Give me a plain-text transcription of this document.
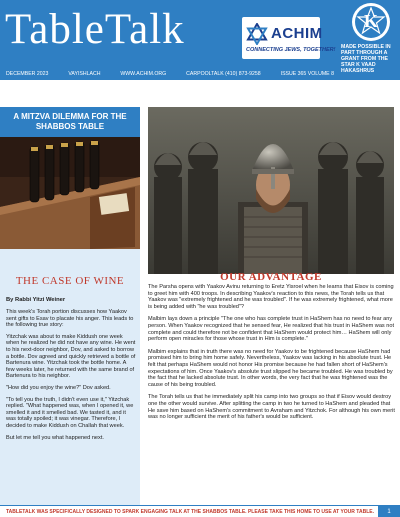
TableTalk	ACHIM
CONNECTING JEWS, TOGETHER!
K
MADE POSSIBLE IN PART THROUGH A GRANT FROM THE STAR K VAAD HAKASHRUS
DECEMBER 2023	VAYISHLACH	WWW.ACHIM.ORG	CARPOOLTALK (410) 873-9258	ISSUE 365 VOLUME 8
A MITZVA DILEMMA FOR THE SHABBOS TABLE
THE CASE OF WINE
By Rabbi Yitzi Weiner

This week's Torah portion discusses how Yaakov sent gifts to Esav to placate his anger. This leads to the following true story:

Yitzchak was about to make Kiddush one week when he realized he did not have any wine. He went to his next-door neighbor, Dov, and asked to borrow a bottle. Dov agreed and quickly retrieved a bottle of Bartenura wine. Yitzchak took the bottle home. A few weeks later, he returned with the same brand of Bartenura to his neighbor.

"How did you enjoy the wine?" Dov asked.

"To tell you the truth, I didn't even use it," Yitzchak replied. "What happened was, when I opened it, we smelled it and it smelled bad. We tasted it, and it was totally spoiled; it was vinegar. Therefore, I decided to make Kiddush on Challah that week.

But let me tell you what happened next.

OUR ADVANTAGE

The Parsha opens with Yaakov Avinu returning to Eretz Yisroel when he learns that Eisov is coming to greet him with 400 troops. In describing Yaakov's reaction to this news, the Torah tells us that Yaakov was "extremely frightened and he was troubled". If he was extremely frightened, what more is being added with "he was troubled"?

Malbim lays down a principle "The one who has complete trust in HaShem has no need to fear any person. When Yaakov recognized that he sensed fear, He realized that his trust in HaShem was not complete and could therefore not be confident that HaShem would protect him… HaShem will only perform open miracles for those whose trust in Him is complete."

Malbim explains that in truth there was no need for Yaakov to be frightened because HaShem had promised him to bring him home safely. Nevertheless, Yaakov was lacking in his absolute trust. He felt that perhaps HaShem would not honor His promise because he had fallen short of HaShem's expectations of him. Once Yaakov's absolute trust slipped he became troubled. He was troubled by the fact that he lacked absolute trust. In other words, the very fact that he was frightened was the cause of his being troubled.

The Torah tells us that he immediately split his camp into two groups so that if Eisov would destroy one the other would survive. After splitting the camp in two he turned to HaShem and pleaded that He save him based on HaShem's commitment to Avraham and Yitzchok. For although his own merit was no longer sufficient the merit of his father's would be sufficient.

TABLETALK WAS SPECIFICALLY DESIGNED TO SPARK ENGAGING TALK AT THE SHABBOS TABLE. PLEASE TAKE THIS HOME TO USE AT YOUR TABLE.	1
